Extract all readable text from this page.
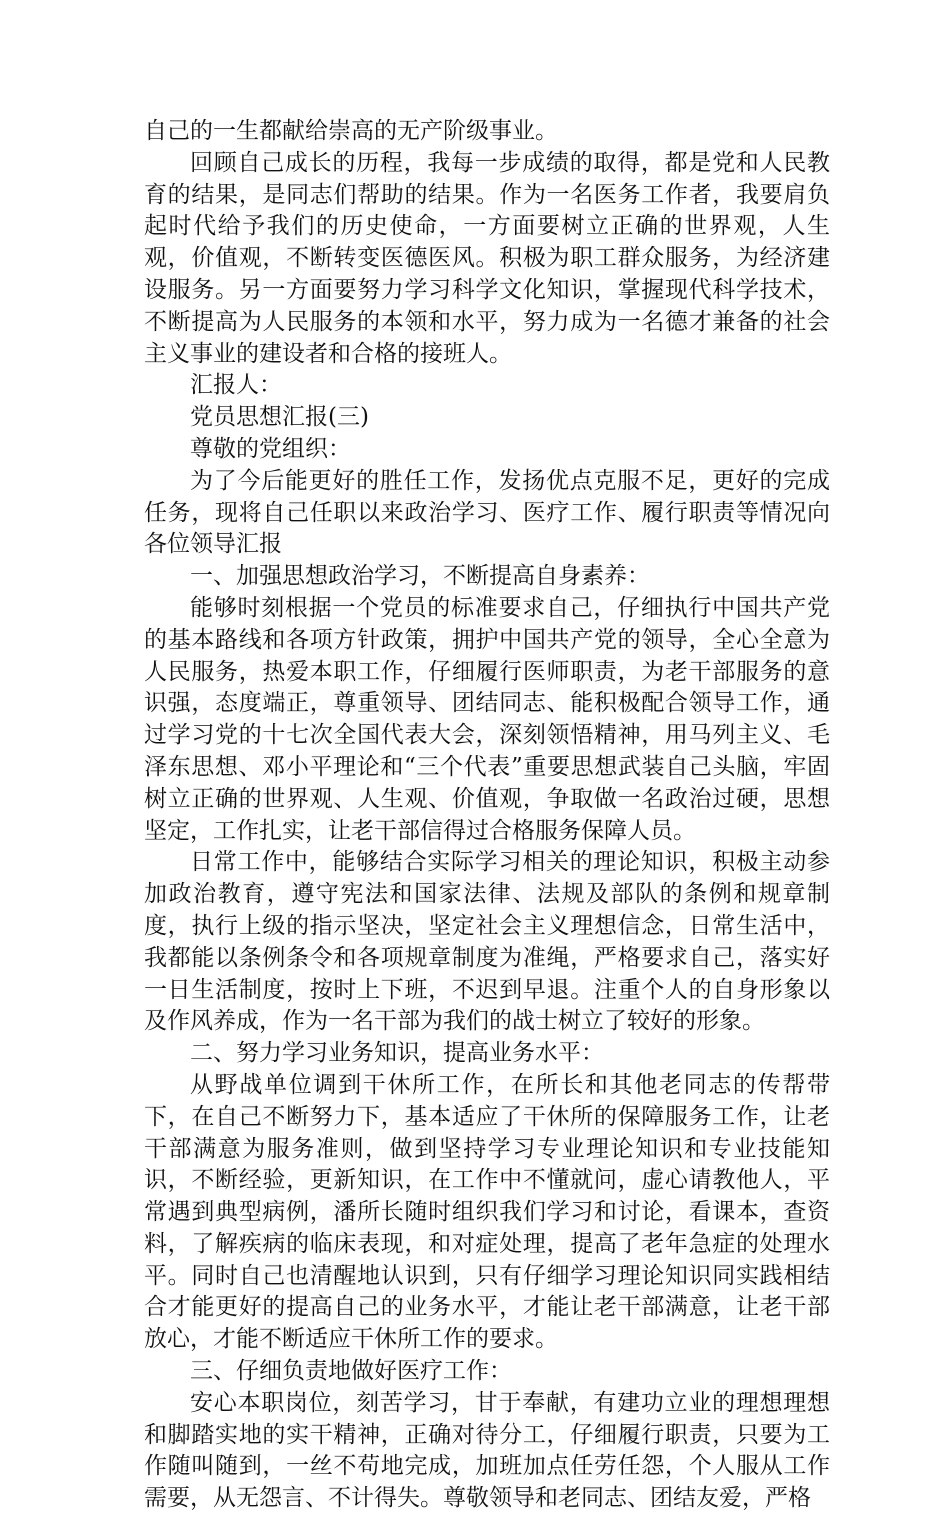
自己的一生都献给崇高的无产阶级事业。

回顾自己成长的历程，我每一步成绩的取得，都是党和人民教育的结果，是同志们帮助的结果。作为一名医务工作者，我要肩负起时代给予我们的历史使命，一方面要树立正确的世界观，人生观，价值观，不断转变医德医风。积极为职工群众服务，为经济建设服务。另一方面要努力学习科学文化知识，掌握现代科学技术，不断提高为人民服务的本领和水平，努力成为一名德才兼备的社会主义事业的建设者和合格的接班人。

汇报人：

党员思想汇报(三)

尊敬的党组织：

为了今后能更好的胜任工作，发扬优点克服不足，更好的完成任务，现将自己任职以来政治学习、医疗工作、履行职责等情况向各位领导汇报

一、加强思想政治学习，不断提高自身素养：

能够时刻根据一个党员的标准要求自己，仔细执行中国共产党的基本路线和各项方针政策，拥护中国共产党的领导，全心全意为人民服务，热爱本职工作，仔细履行医师职责，为老干部服务的意识强，态度端正，尊重领导、团结同志、能积极配合领导工作，通过学习党的十七次全国代表大会，深刻领悟精神，用马列主义、毛泽东思想、邓小平理论和“三个代表”重要思想武装自己头脑，牢固树立正确的世界观、人生观、价值观，争取做一名政治过硬，思想坚定，工作扎实，让老干部信得过合格服务保障人员。

日常工作中，能够结合实际学习相关的理论知识，积极主动参加政治教育，遵守宪法和国家法律、法规及部队的条例和规章制度，执行上级的指示坚决，坚定社会主义理想信念，日常生活中，我都能以条例条令和各项规章制度为准绳，严格要求自己，落实好一日生活制度，按时上下班，不迟到早退。注重个人的自身形象以及作风养成，作为一名干部为我们的战士树立了较好的形象。

二、努力学习业务知识，提高业务水平：

从野战单位调到干休所工作，在所长和其他老同志的传帮带下，在自己不断努力下，基本适应了干休所的保障服务工作，让老干部满意为服务准则，做到坚持学习专业理论知识和专业技能知识，不断经验，更新知识，在工作中不懂就问，虚心请教他人，平常遇到典型病例，潘所长随时组织我们学习和讨论，看课本，查资料，了解疾病的临床表现，和对症处理，提高了老年急症的处理水平。同时自己也清醒地认识到，只有仔细学习理论知识同实践相结合才能更好的提高自己的业务水平，才能让老干部满意，让老干部放心，才能不断适应干休所工作的要求。

三、仔细负责地做好医疗工作：

安心本职岗位，刻苦学习，甘于奉献，有建功立业的理想理想和脚踏实地的实干精神，正确对待分工，仔细履行职责，只要为工作随叫随到，一丝不苟地完成，加班加点任劳任怨，个人服从工作需要，从无怨言、不计得失。尊敬领导和老同志、团结友爱，严格
